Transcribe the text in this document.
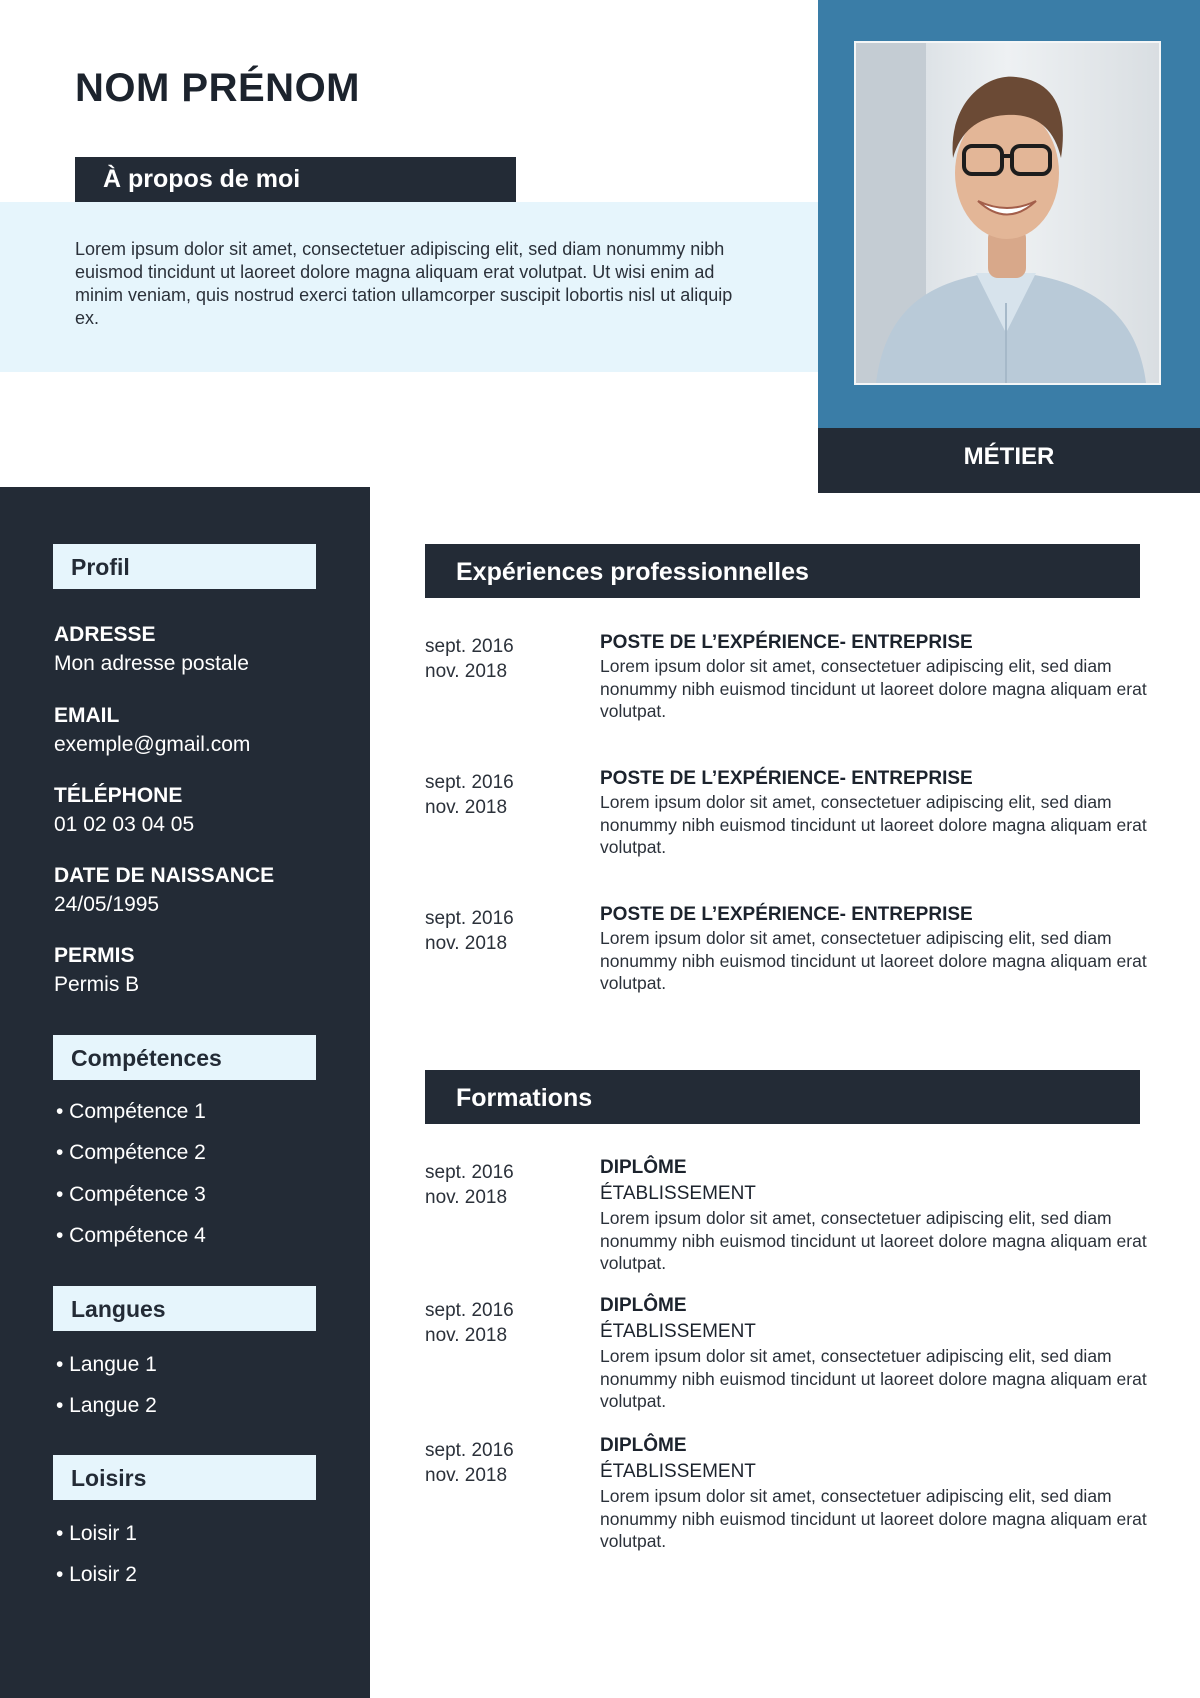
NOM PRÉNOM
À propos de moi

Lorem ipsum dolor sit amet, consectetuer adipiscing elit, sed diam nonummy nibh euismod tincidunt ut laoreet dolore magna aliquam erat volutpat. Ut wisi enim ad minim veniam, quis nostrud exerci tation ullamcorper suscipit lobortis nisl ut aliquip ex.

MÉTIER
Profil
ADRESSE
Mon adresse postale
EMAIL
exemple@gmail.com
TÉLÉPHONE
01 02 03 04 05
DATE DE NAISSANCE
24/05/1995
PERMIS
Permis B
Compétences
• Compétence 1
• Compétence 2
• Compétence 3
• Compétence 4
Langues
• Langue 1
• Langue 2
Loisirs
• Loisir 1
• Loisir 2
Expériences professionnelles
sept. 2016
nov. 2018
POSTE DE L’EXPÉRIENCE- ENTREPRISE
Lorem ipsum dolor sit amet, consectetuer adipiscing elit, sed diam nonummy nibh euismod tincidunt ut laoreet dolore magna aliquam erat volutpat.
sept. 2016
nov. 2018
POSTE DE L’EXPÉRIENCE- ENTREPRISE
Lorem ipsum dolor sit amet, consectetuer adipiscing elit, sed diam nonummy nibh euismod tincidunt ut laoreet dolore magna aliquam erat volutpat.
sept. 2016
nov. 2018
POSTE DE L’EXPÉRIENCE- ENTREPRISE
Lorem ipsum dolor sit amet, consectetuer adipiscing elit, sed diam nonummy nibh euismod tincidunt ut laoreet dolore magna aliquam erat volutpat.
Formations
sept. 2016
nov. 2018
DIPLÔME
ÉTABLISSEMENT
Lorem ipsum dolor sit amet, consectetuer adipiscing elit, sed diam nonummy nibh euismod tincidunt ut laoreet dolore magna aliquam erat volutpat.
sept. 2016
nov. 2018
DIPLÔME
ÉTABLISSEMENT
Lorem ipsum dolor sit amet, consectetuer adipiscing elit, sed diam nonummy nibh euismod tincidunt ut laoreet dolore magna aliquam erat volutpat.
sept. 2016
nov. 2018
DIPLÔME
ÉTABLISSEMENT
Lorem ipsum dolor sit amet, consectetuer adipiscing elit, sed diam nonummy nibh euismod tincidunt ut laoreet dolore magna aliquam erat volutpat.
